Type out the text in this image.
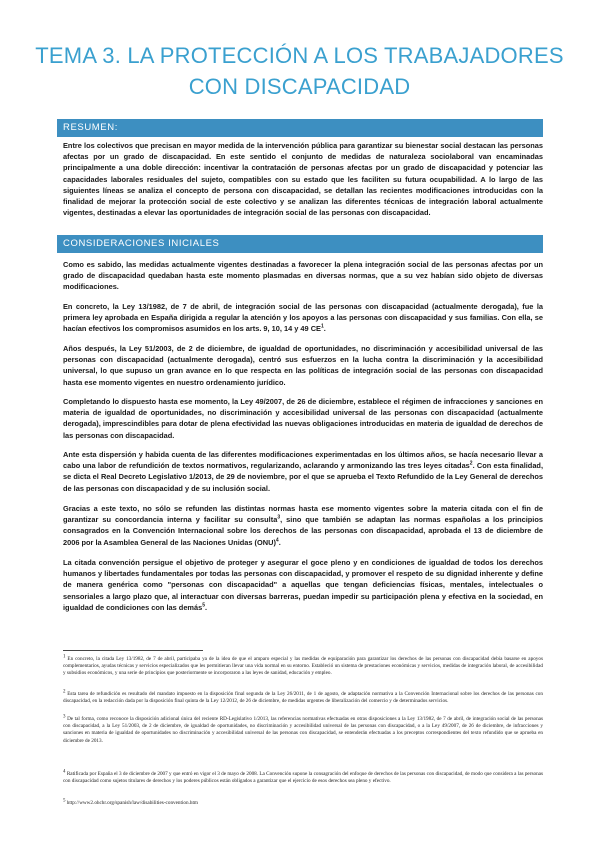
TEMA 3. LA PROTECCIÓN A LOS TRABAJADORES
CON DISCAPACIDAD
RESUMEN:

Entre los colectivos que precisan en mayor medida de la intervención pública para garantizar su bienestar social destacan las personas afectas por un grado de discapacidad. En este sentido el conjunto de medidas de naturaleza sociolaboral van encaminadas principalmente a una doble dirección: incentivar la contratación de personas afectas por un grado de discapacidad y potenciar las capacidades laborales residuales del sujeto, compatibles con su estado que les faciliten su futura ocupabilidad. A lo largo de las siguientes líneas se analiza el concepto de persona con discapacidad, se detallan las recientes modificaciones introducidas con la finalidad de mejorar la protección social de este colectivo y se analizan las diferentes técnicas de integración laboral actualmente vigentes, destinadas a elevar las oportunidades de integración social de las personas con discapacidad.

CONSIDERACIONES INICIALES

Como es sabido, las medidas actualmente vigentes destinadas a favorecer la plena integración social de las personas afectas por un grado de discapacidad quedaban hasta este momento plasmadas en diversas normas, que a su vez habían sido objeto de diversas modificaciones.

En concreto, la Ley 13/1982, de 7 de abril, de integración social de las personas con discapacidad (actualmente derogada), fue la primera ley aprobada en España dirigida a regular la atención y los apoyos a las personas con discapacidad y sus familias. Con ella, se hacían efectivos los compromisos asumidos en los arts. 9, 10, 14 y 49 $CE^1$.

Años después, la Ley 51/2003, de 2 de diciembre, de igualdad de oportunidades, no discriminación y accesibilidad universal de las personas con discapacidad (actualmente derogada), centró sus esfuerzos en la lucha contra la discriminación y la accesibilidad universal, lo que supuso un gran avance en lo que respecta en las políticas de integración social de las personas con discapacidad hasta ese momento vigentes en nuestro ordenamiento jurídico.

Completando lo dispuesto hasta ese momento, la Ley 49/2007, de 26 de diciembre, establece el régimen de infracciones y sanciones en materia de igualdad de oportunidades, no discriminación y accesibilidad universal de las personas con discapacidad (actualmente derogada), imprescindibles para dotar de plena efectividad las nuevas obligaciones introducidas en materia de igualdad de derechos de las personas con discapacidad.

Ante esta dispersión y habida cuenta de las diferentes modificaciones experimentadas en los últimos años, se hacía necesario llevar a cabo una labor de refundición de textos normativos, regularizando, aclarando y armonizando las tres leyes citadas$^2$. Con esta finalidad, se dicta el Real Decreto Legislativo 1/2013, de 29 de noviembre, por el que se aprueba el Texto Refundido de la Ley General de derechos de las personas con discapacidad y de su inclusión social.

Gracias a este texto, no sólo se refunden las distintas normas hasta ese momento vigentes sobre la materia citada con el fin de garantizar su concordancia interna y facilitar su consulta$^3$, sino que también se adaptan las normas españolas a los principios consagrados en la Convención Internacional sobre los derechos de las personas con discapacidad, aprobada el 13 de diciembre de 2006 por la Asamblea General de las Naciones Unidas (ONU)$^4$.

La citada convención persigue el objetivo de proteger y asegurar el goce pleno y en condiciones de igualdad de todos los derechos humanos y libertades fundamentales por todas las personas con discapacidad, y promover el respeto de su dignidad inherente y define de manera genérica como "personas con discapacidad" a aquellas que tengan deficiencias físicas, mentales, intelectuales o sensoriales a largo plazo que, al interactuar con diversas barreras, puedan impedir su participación plena y efectiva en la sociedad, en igualdad de condiciones con las demás$^5$.

$^1$ En concreto, la citada Ley 13/1982, de 7 de abril, participaba ya de la idea de que el amparo especial y las medidas de equiparación para garantizar los derechos de las personas con discapacidad debía basarse en apoyos complementarios, ayudas técnicas y servicios especializados que les permitieran llevar una vida normal en su entorno. Estableció un sistema de prestaciones económicas y servicios, medidas de integración laboral, de accesibilidad y subsidios económicos, y una serie de principios que posteriormente se incorporaron a las leyes de sanidad, educación y empleo.
$^2$ Esta tarea de refundición es resultado del mandato impuesto en la disposición final segunda de la Ley 26/2011, de 1 de agosto, de adaptación normativa a la Convención Internacional sobre los derechos de las personas con discapacidad, en la redacción dada por la disposición final quinta de la Ley 12/2012, de 26 de diciembre, de medidas urgentes de liberalización del comercio y de determinados servicios.
$^3$ De tal forma, como reconoce la disposición adicional única del reciente RD-Legislativo 1/2013, las referencias normativas efectuadas en otras disposiciones a la Ley 13/1982, de 7 de abril, de integración social de las personas con discapacidad, a la Ley 51/2003, de 2 de diciembre, de igualdad de oportunidades, no discriminación y accesibilidad universal de las personas con discapacidad, o a la Ley 49/2007, de 26 de diciembre, de infracciones y sanciones en materia de igualdad de oportunidades no discriminación y accesibilidad universal de las personas con discapacidad, se entenderán efectuadas a los preceptos correspondientes del texto refundido que se aprueba en diciembre de 2013.
$^4$ Ratificada por España el 3 de diciembre de 2007 y que entró en vigor el 3 de mayo de 2008. La Convención supone la consagración del enfoque de derechos de las personas con discapacidad, de modo que considera a las personas con discapacidad como sujetos titulares de derechos y los poderes públicos están obligados a garantizar que el ejercicio de esos derechos sea pleno y efectivo.
$^5$ http://www2.ohchr.org/spanish/law/disabilities-convention.htm
